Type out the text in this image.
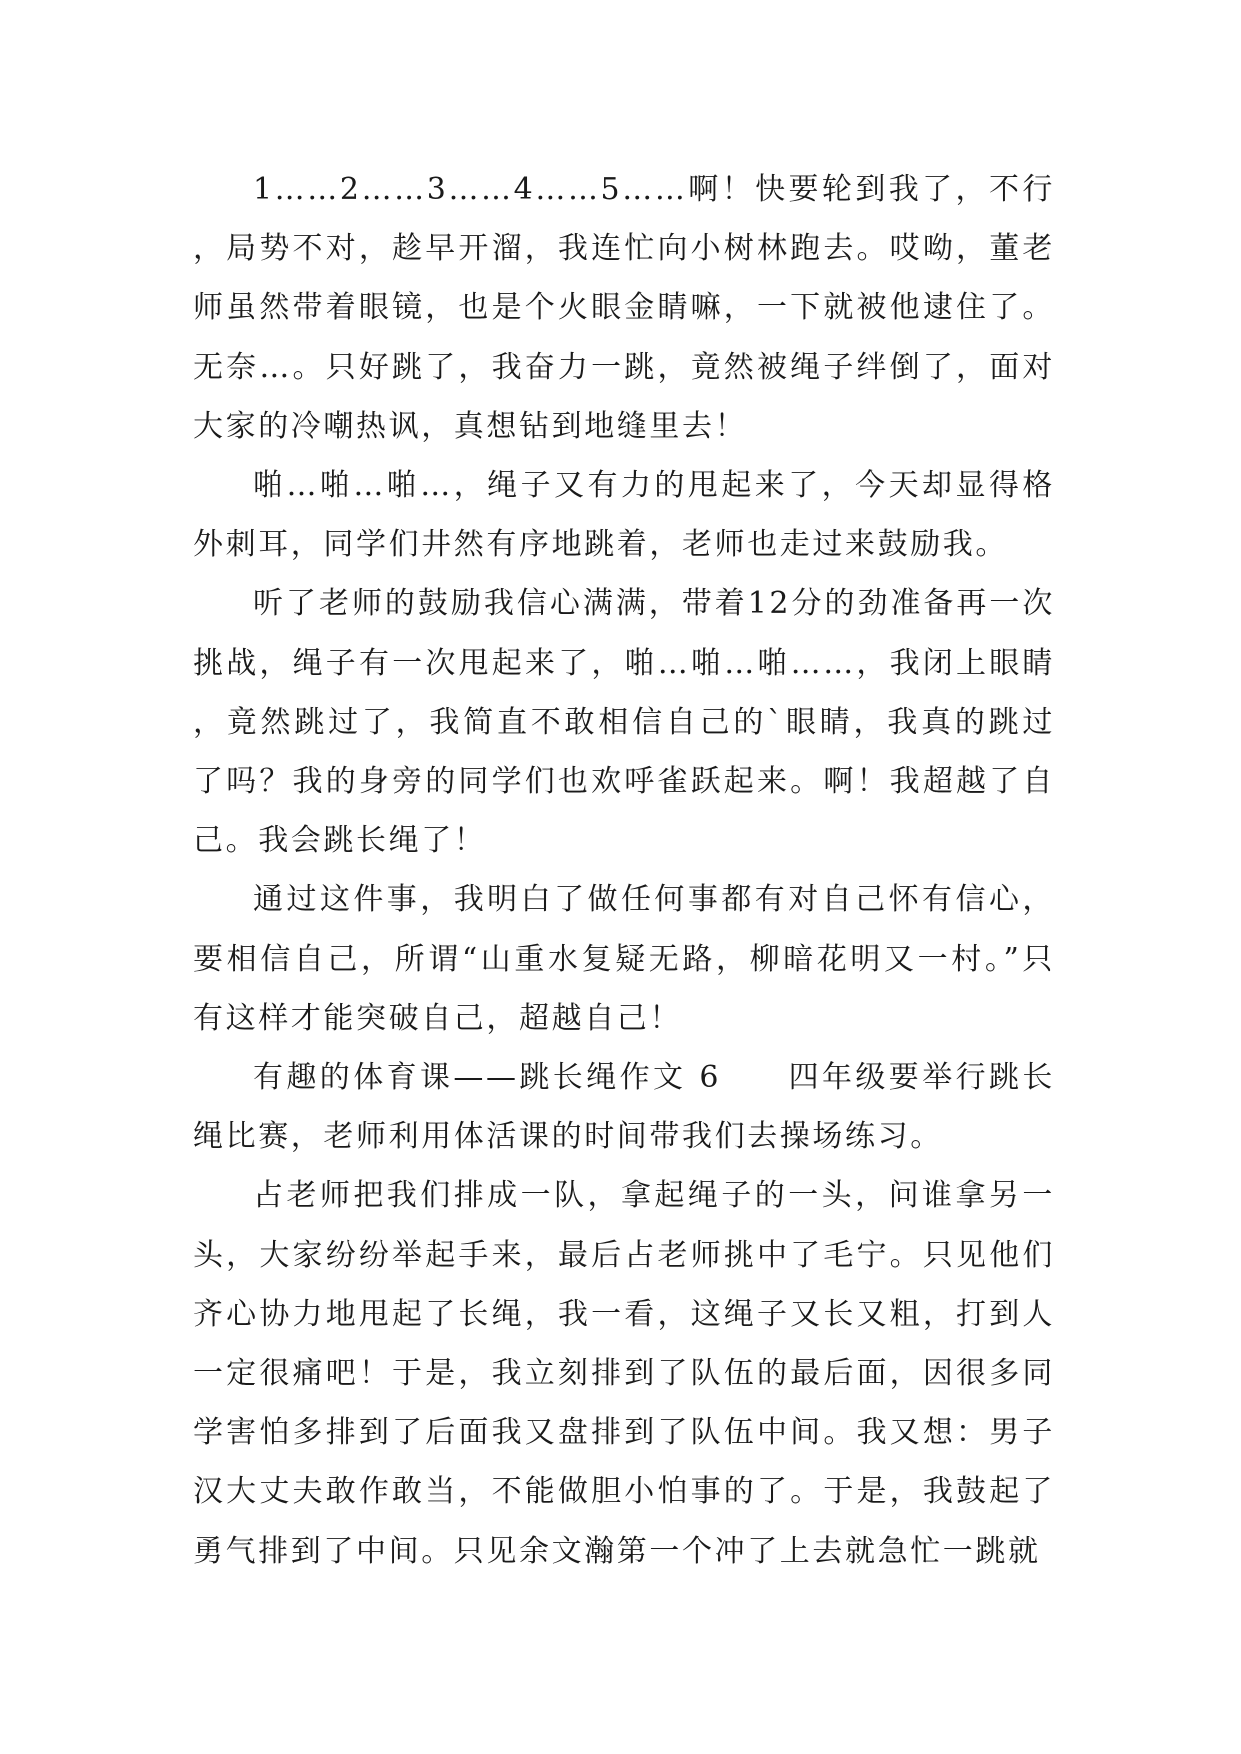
1……2……3……4……5……啊！快要轮到我了，不行，局势不对，趁早开溜，我连忙向小树林跑去。哎呦，董老师虽然带着眼镜，也是个火眼金睛嘛，一下就被他逮住了。无奈…。只好跳了，我奋力一跳，竟然被绳子绊倒了，面对大家的冷嘲热讽，真想钻到地缝里去！

啪…啪…啪…，绳子又有力的甩起来了，今天却显得格外刺耳，同学们井然有序地跳着，老师也走过来鼓励我。

听了老师的鼓励我信心满满，带着12分的劲准备再一次挑战，绳子有一次甩起来了，啪…啪…啪……，我闭上眼睛，竟然跳过了，我简直不敢相信自己的`眼睛，我真的跳过了吗？我的身旁的同学们也欢呼雀跃起来。啊！我超越了自己。我会跳长绳了！

通过这件事，我明白了做任何事都有对自己怀有信心，要相信自己，所谓“山重水复疑无路，柳暗花明又一村。”只有这样才能突破自己，超越自己！

有趣的体育课——跳长绳作文 6　　四年级要举行跳长绳比赛，老师利用体活课的时间带我们去操场练习。

占老师把我们排成一队，拿起绳子的一头，问谁拿另一头，大家纷纷举起手来，最后占老师挑中了毛宁。只见他们齐心协力地甩起了长绳，我一看，这绳子又长又粗，打到人一定很痛吧！于是，我立刻排到了队伍的最后面，因很多同学害怕多排到了后面我又盘排到了队伍中间。我又想：男子汉大丈夫敢作敢当，不能做胆小怕事的了。于是，我鼓起了勇气排到了中间。只见余文瀚第一个冲了上去就急忙一跳就
